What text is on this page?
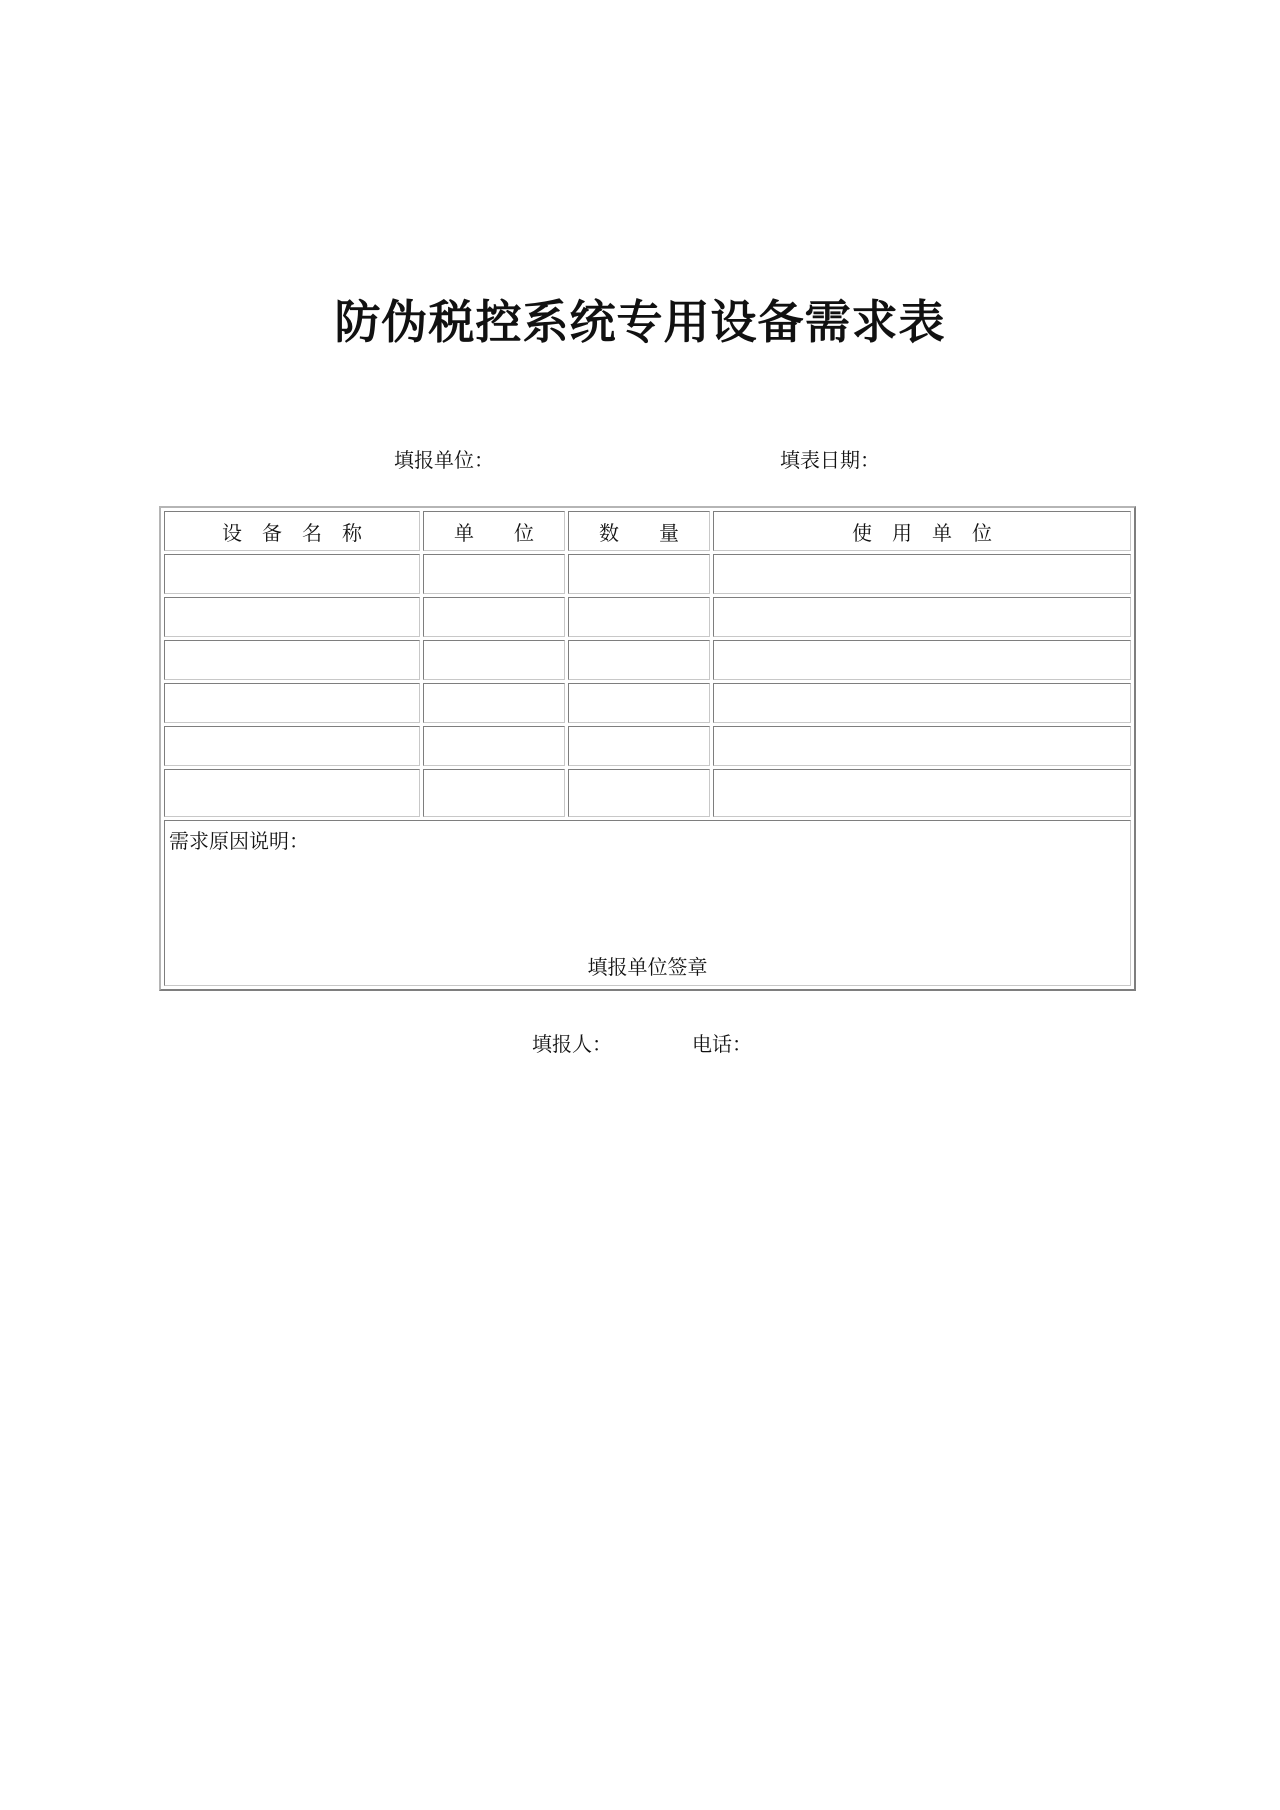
防伪税控系统专用设备需求表
填报单位：	填表日期：
设　备　名　称	单　　位	数　　量	使　用　单　位

需求原因说明：
填报单位签章			
填报人：	电话：
